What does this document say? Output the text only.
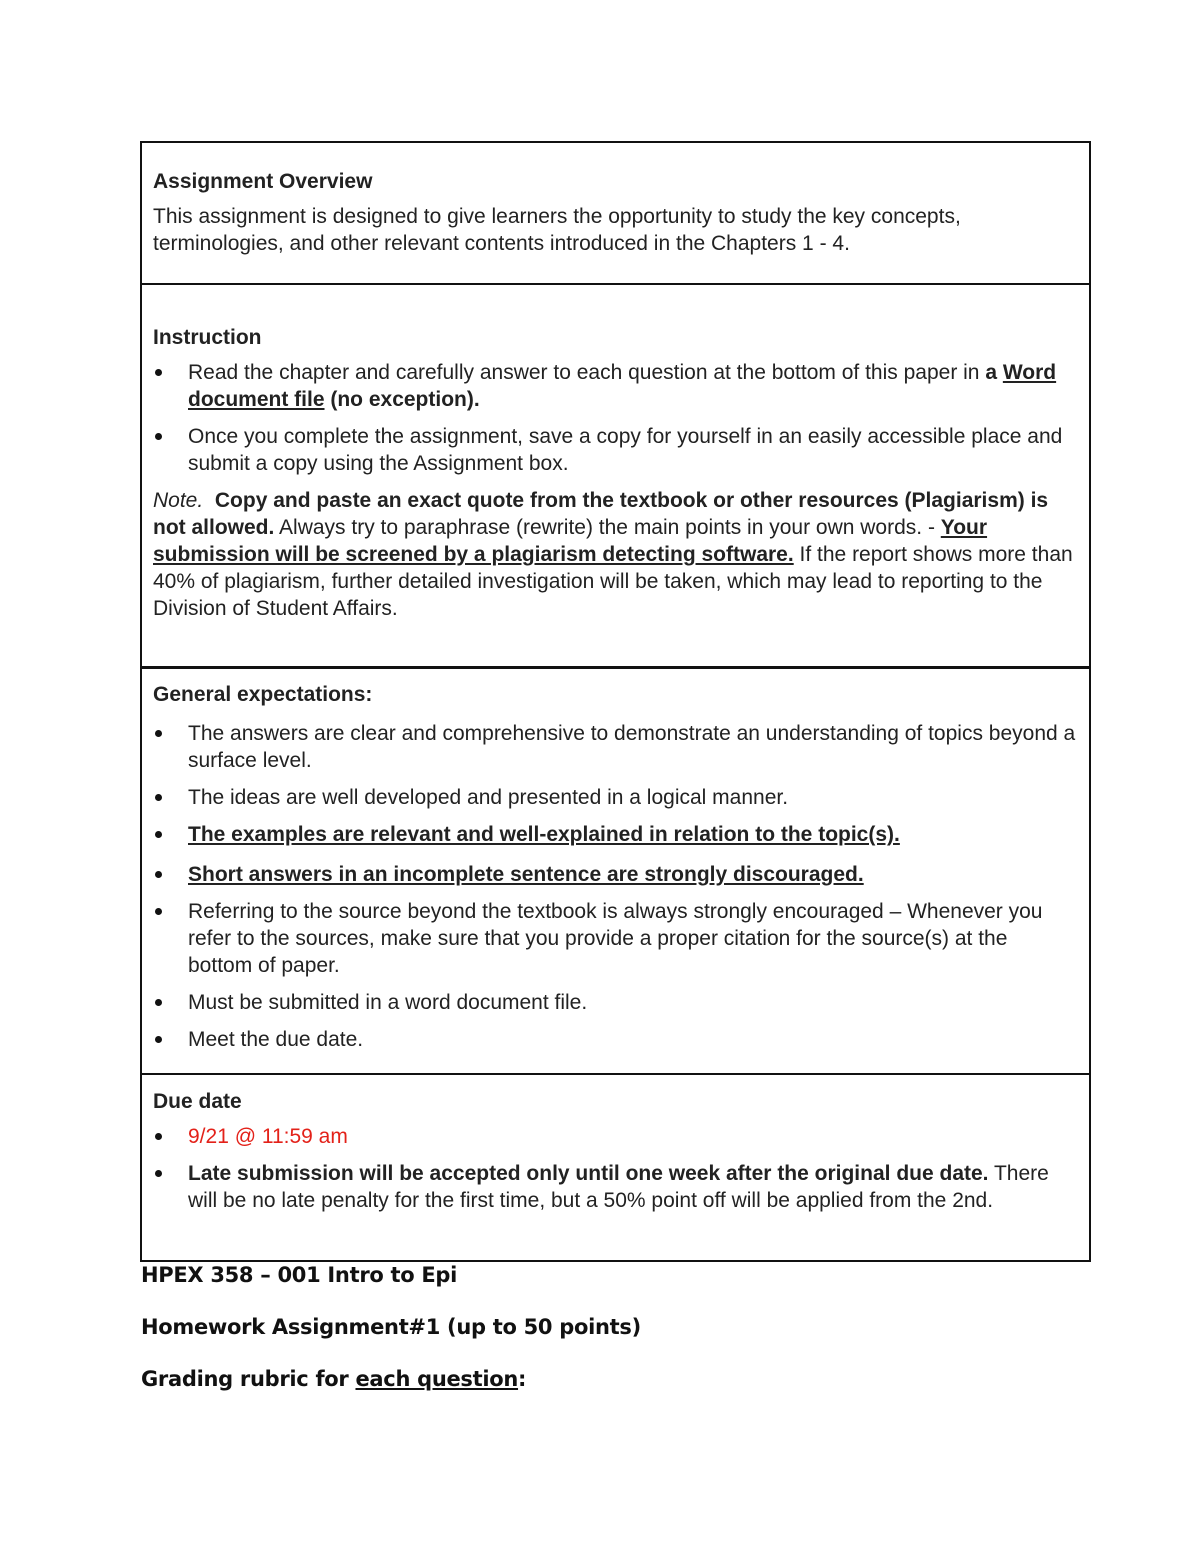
Assignment Overview

This assignment is designed to give learners the opportunity to study the key concepts, terminologies, and other relevant contents introduced in the Chapters 1 - 4.

Instruction

Read the chapter and carefully answer to each question at the bottom of this paper in a Word document file (no exception).
Once you complete the assignment, save a copy for yourself in an easily accessible place and submit a copy using the Assignment box.

Note. Copy and paste an exact quote from the textbook or other resources (Plagiarism) is not allowed. Always try to paraphrase (rewrite) the main points in your own words. - Your submission will be screened by a plagiarism detecting software. If the report shows more than 40% of plagiarism, further detailed investigation will be taken, which may lead to reporting to the Division of Student Affairs.

General expectations:

The answers are clear and comprehensive to demonstrate an understanding of topics beyond a surface level.
The ideas are well developed and presented in a logical manner.
The examples are relevant and well-explained in relation to the topic(s).
Short answers in an incomplete sentence are strongly discouraged.
Referring to the source beyond the textbook is always strongly encouraged – Whenever you refer to the sources, make sure that you provide a proper citation for the source(s) at the bottom of paper.
Must be submitted in a word document file.
Meet the due date.

Due date

9/21 @ 11:59 am
Late submission will be accepted only until one week after the original due date. There will be no late penalty for the first time, but a 50% point off will be applied from the 2nd.
HPEX 358 – 001 Intro to Epi
Homework Assignment#1 (up to 50 points)
Grading rubric for each question:
